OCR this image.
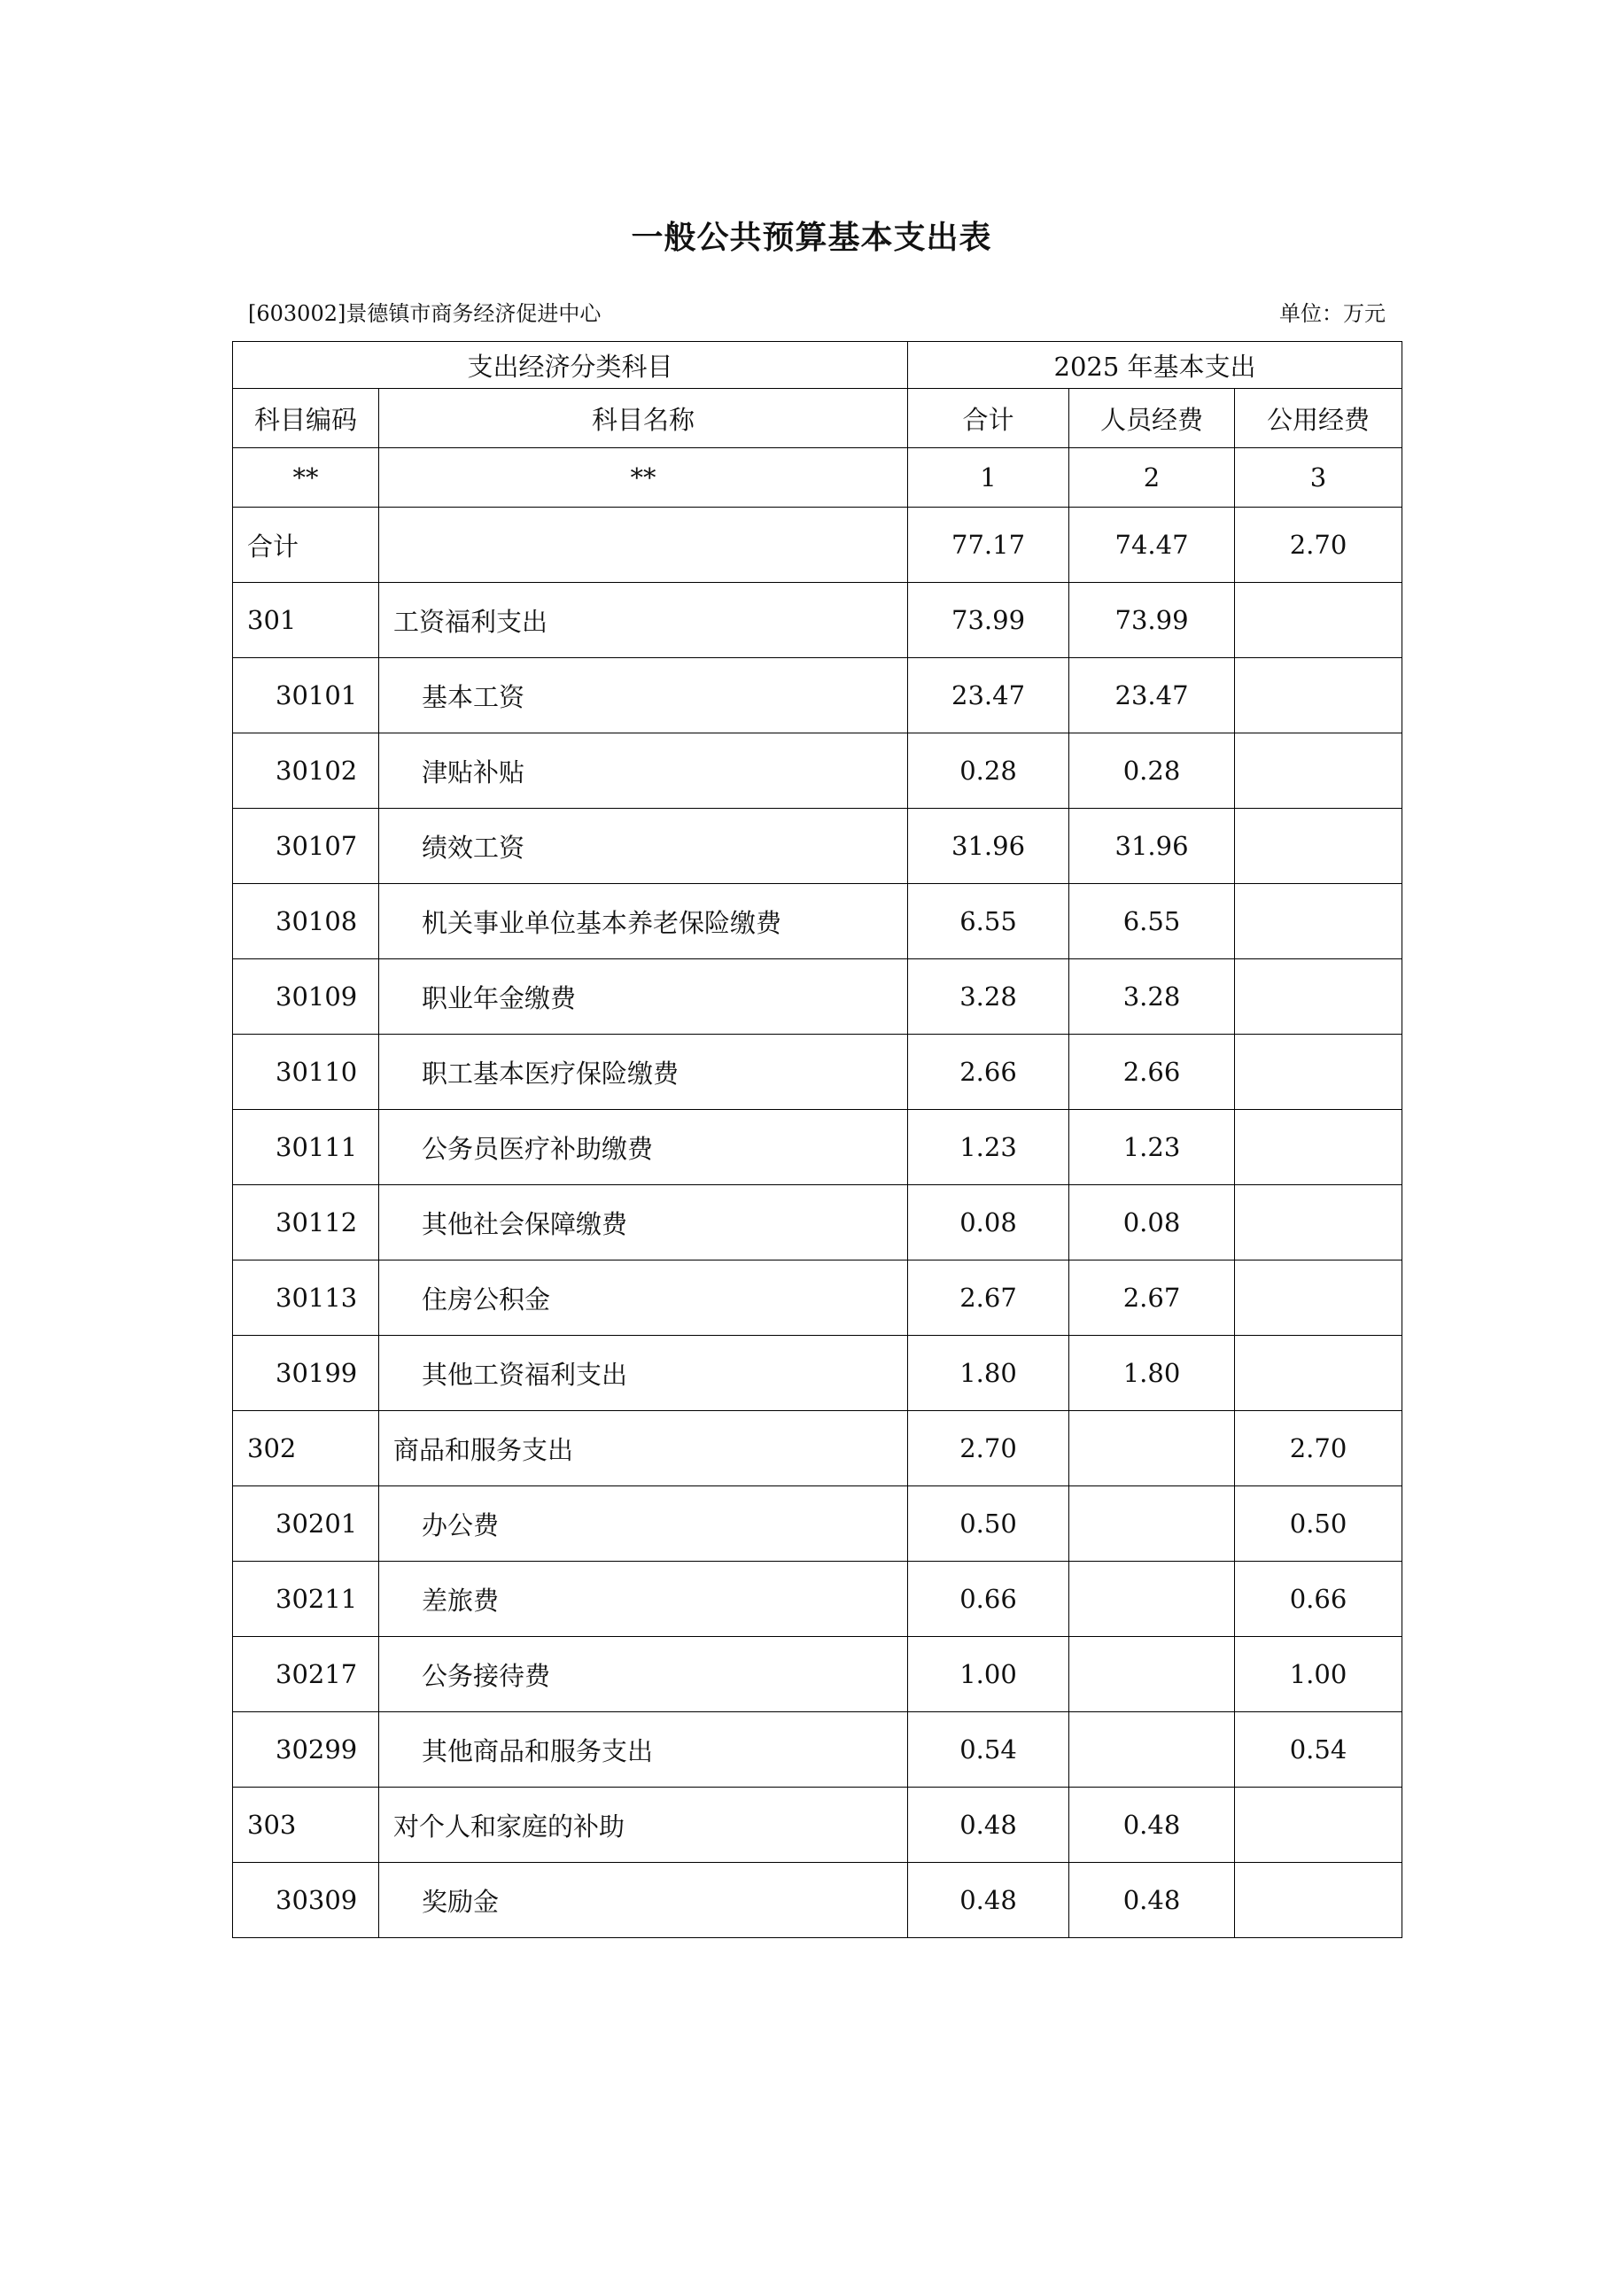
一般公共预算基本支出表
[603002]景德镇市商务经济促进中心	单位：万元
支出经济分类科目		2025 年基本支出		
科目编码	科目名称	合计	人员经费	公用经费
**	**	1	2	3
合计		77.17	74.47	2.70
301	工资福利支出	73.99	73.99	
30101	基本工资	23.47	23.47	
30102	津贴补贴	0.28	0.28	
30107	绩效工资	31.96	31.96	
30108	机关事业单位基本养老保险缴费	6.55	6.55	
30109	职业年金缴费	3.28	3.28	
30110	职工基本医疗保险缴费	2.66	2.66	
30111	公务员医疗补助缴费	1.23	1.23	
30112	其他社会保障缴费	0.08	0.08	
30113	住房公积金	2.67	2.67	
30199	其他工资福利支出	1.80	1.80	
302	商品和服务支出	2.70		2.70
30201	办公费	0.50		0.50
30211	差旅费	0.66		0.66
30217	公务接待费	1.00		1.00
30299	其他商品和服务支出	0.54		0.54
303	对个人和家庭的补助	0.48	0.48	
30309	奖励金	0.48	0.48	
